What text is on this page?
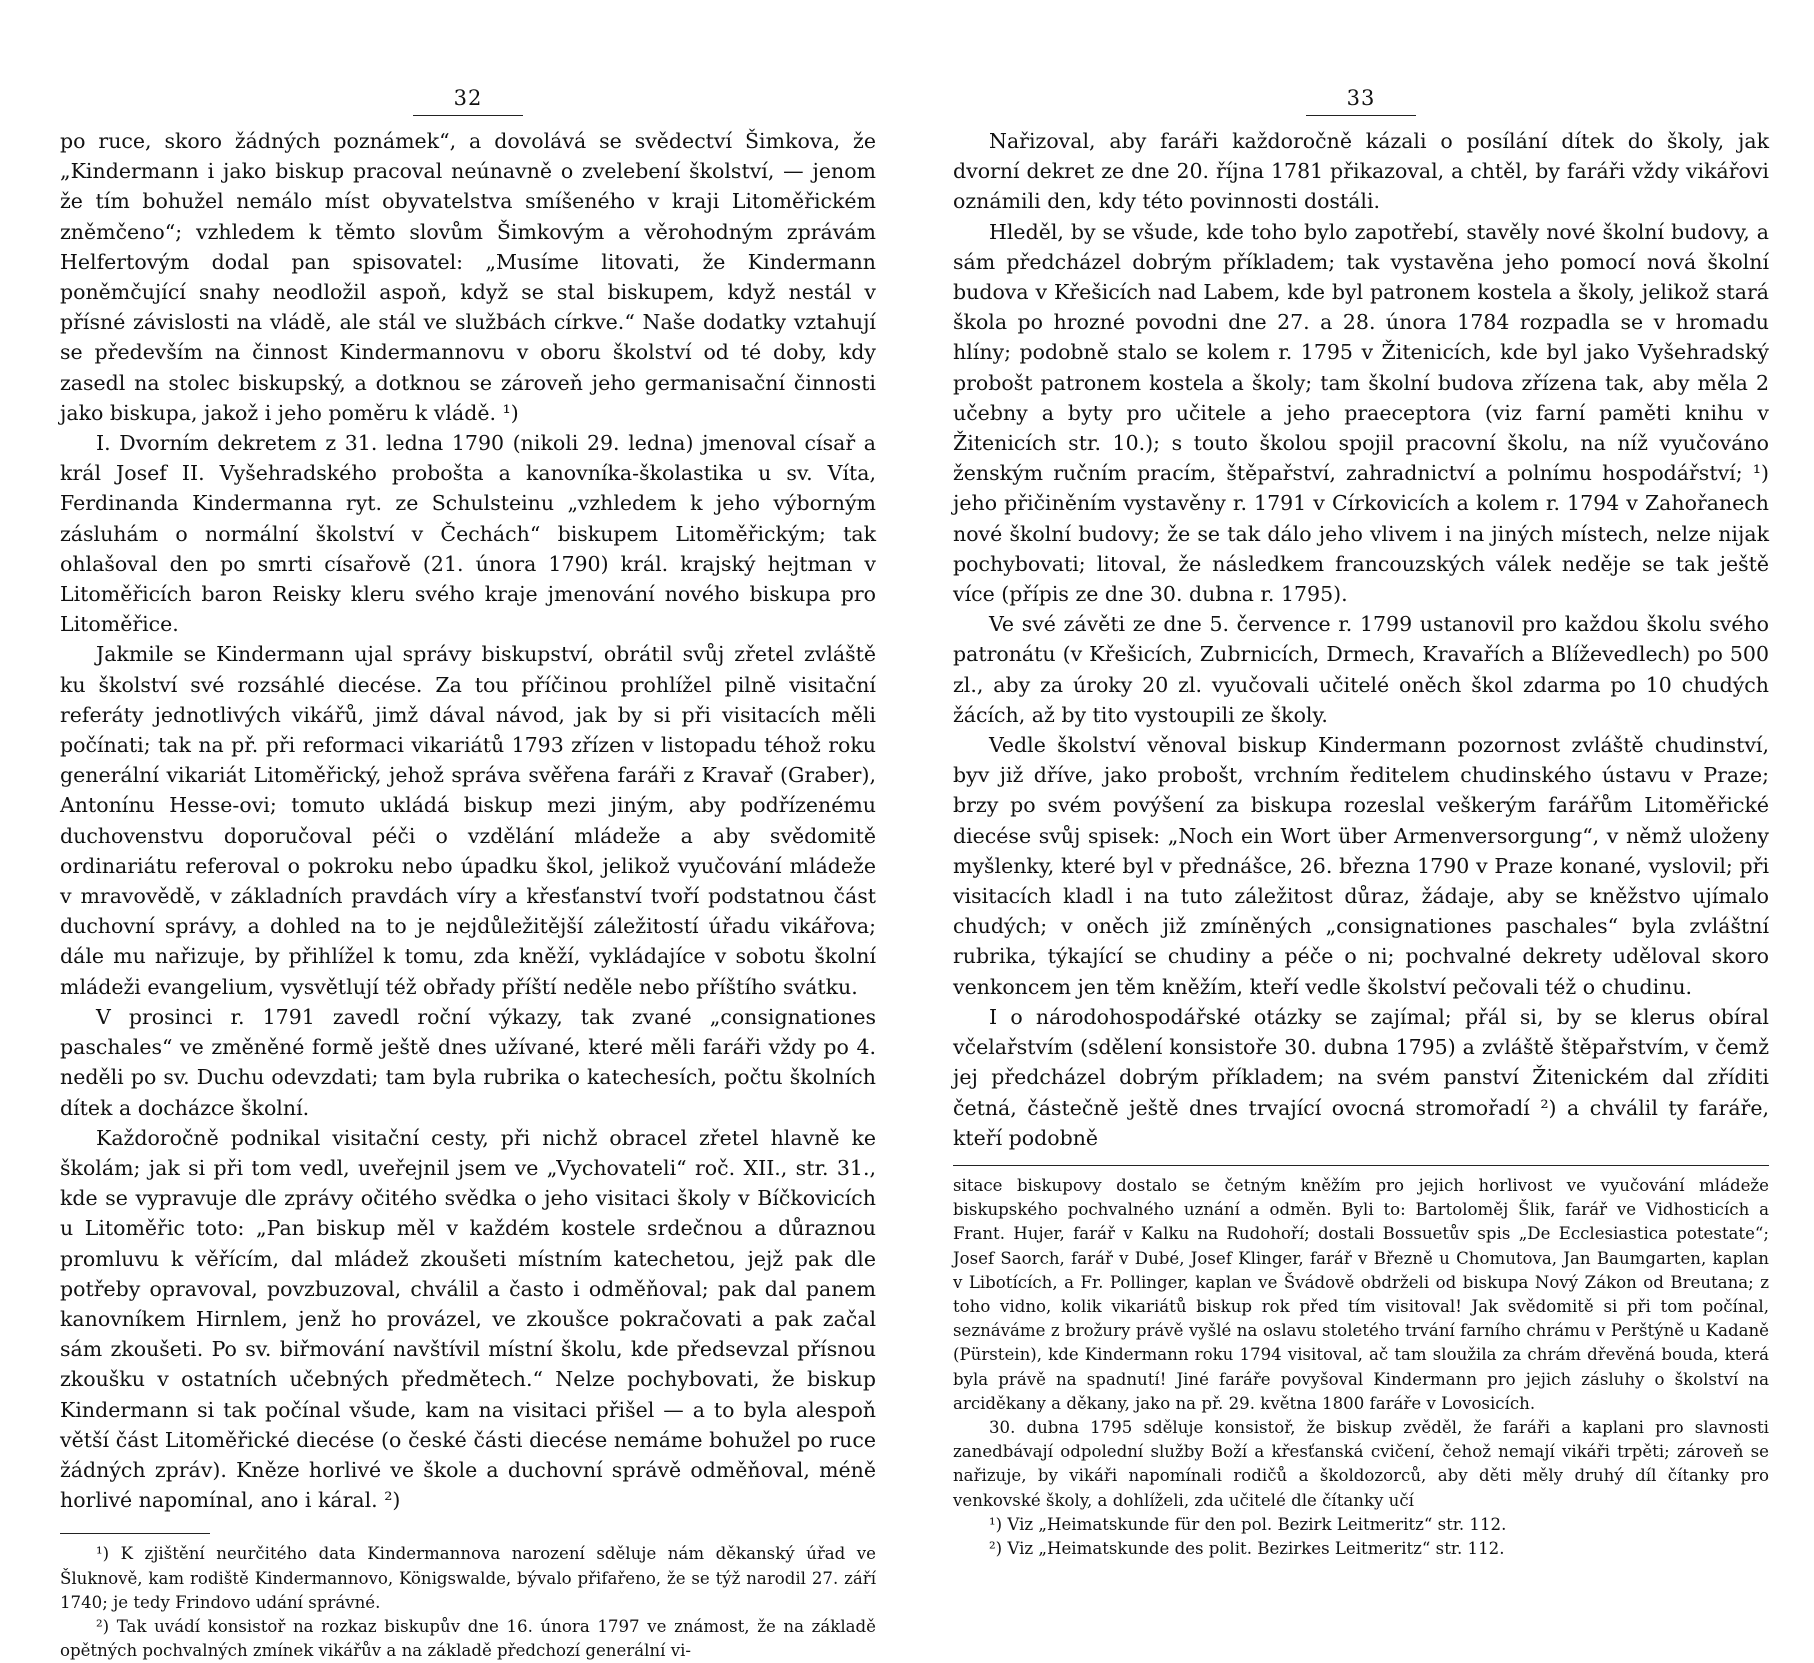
32

po ruce, skoro žádných poznámek“, a dovolává se svědectví Šimkova, že „Kindermann i jako biskup pracoval neúnavně o zvelebení školství, — jenom že tím bohužel nemálo míst obyvatelstva smíšeného v kraji Litoměřickém zněmčeno“; vzhledem k těmto slovům Šimkovým a věrohodným zprávám Helfertovým dodal pan spisovatel: „Musíme litovati, že Kindermann poněmčující snahy neodložil aspoň, když se stal biskupem, když nestál v přísné závislosti na vládě, ale stál ve službách církve.“ Naše dodatky vztahují se především na činnost Kindermannovu v oboru školství od té doby, kdy zasedl na stolec biskupský, a dotknou se zároveň jeho germanisační činnosti jako biskupa, jakož i jeho poměru k vládě. ¹)

I. Dvorním dekretem z 31. ledna 1790 (nikoli 29. ledna) jmenoval císař a král Josef II. Vyšehradského probošta a kanovníka-školastika u sv. Víta, Ferdinanda Kindermanna ryt. ze Schulsteinu „vzhledem k jeho výborným zásluhám o normální školství v Čechách“ biskupem Litoměřickým; tak ohlašoval den po smrti císařově (21. února 1790) král. krajský hejtman v Litoměřicích baron Reisky kleru svého kraje jmenování nového biskupa pro Litoměřice.

Jakmile se Kindermann ujal správy biskupství, obrátil svůj zřetel zvláště ku školství své rozsáhlé diecése. Za tou příčinou prohlížel pilně visitační referáty jednotlivých vikářů, jimž dával návod, jak by si při visitacích měli počínati; tak na př. při reformaci vikariátů 1793 zřízen v listopadu téhož roku generální vikariát Litoměřický, jehož správa svěřena faráři z Kravař (Graber), Antonínu Hesse-ovi; tomuto ukládá biskup mezi jiným, aby podřízenému duchovenstvu doporučoval péči o vzdělání mládeže a aby svědomitě ordinariátu referoval o pokroku nebo úpadku škol, jelikož vyučování mládeže v mravovědě, v základních pravdách víry a křesťanství tvoří podstatnou část duchovní správy, a dohled na to je nejdůležitější záležitostí úřadu vikářova; dále mu nařizuje, by přihlížel k tomu, zda kněží, vykládajíce v sobotu školní mládeži evangelium, vysvětlují též obřady příští neděle nebo příštího svátku.

V prosinci r. 1791 zavedl roční výkazy, tak zvané „consignationes paschales“ ve změněné formě ještě dnes užívané, které měli faráři vždy po 4. neděli po sv. Duchu odevzdati; tam byla rubrika o katechesích, počtu školních dítek a docházce školní.

Každoročně podnikal visitační cesty, při nichž obracel zřetel hlavně ke školám; jak si při tom vedl, uveřejnil jsem ve „Vychovateli“ roč. XII., str. 31., kde se vypravuje dle zprávy očitého svědka o jeho visitaci školy v Bíčkovicích u Litoměřic toto: „Pan biskup měl v každém kostele srdečnou a důraznou promluvu k věřícím, dal mládež zkoušeti místním katechetou, jejž pak dle potřeby opravoval, povzbuzoval, chválil a často i odměňoval; pak dal panem kanovníkem Hirnlem, jenž ho provázel, ve zkoušce pokračovati a pak začal sám zkoušeti. Po sv. biřmování navštívil místní školu, kde předsevzal přísnou zkoušku v ostatních učebných předmětech.“ Nelze pochybovati, že biskup Kindermann si tak počínal všude, kam na visitaci přišel — a to byla alespoň větší část Litoměřické diecése (o české části diecése nemáme bohužel po ruce žádných zpráv). Kněze horlivé ve škole a duchovní správě odměňoval, méně horlivé napomínal, ano i káral. ²)

¹) K zjištění neurčitého data Kindermannova narození sděluje nám děkanský úřad ve Šluknově, kam rodiště Kindermannovo, Königswalde, bývalo přifařeno, že se týž narodil 27. září 1740; je tedy Frindovo udání správné.

²) Tak uvádí konsistoř na rozkaz biskupův dne 16. února 1797 ve známost, že na základě opětných pochvalných zmínek vikářův a na základě předchozí generální vi-

33

Nařizoval, aby faráři každoročně kázali o posílání dítek do školy, jak dvorní dekret ze dne 20. října 1781 přikazoval, a chtěl, by faráři vždy vikářovi oznámili den, kdy této povinnosti dostáli.

Hleděl, by se všude, kde toho bylo zapotřebí, stavěly nové školní budovy, a sám předcházel dobrým příkladem; tak vystavěna jeho pomocí nová školní budova v Křešicích nad Labem, kde byl patronem kostela a školy, jelikož stará škola po hrozné povodni dne 27. a 28. února 1784 rozpadla se v hromadu hlíny; podobně stalo se kolem r. 1795 v Žitenicích, kde byl jako Vyšehradský probošt patronem kostela a školy; tam školní budova zřízena tak, aby měla 2 učebny a byty pro učitele a jeho praeceptora (viz farní paměti knihu v Žitenicích str. 10.); s touto školou spojil pracovní školu, na níž vyučováno ženským ručním pracím, štěpařství, zahradnictví a polnímu hospodářství; ¹) jeho přičiněním vystavěny r. 1791 v Církovicích a kolem r. 1794 v Zahořanech nové školní budovy; že se tak dálo jeho vlivem i na jiných místech, nelze nijak pochybovati; litoval, že následkem francouzských válek neděje se tak ještě více (přípis ze dne 30. dubna r. 1795).

Ve své závěti ze dne 5. července r. 1799 ustanovil pro každou školu svého patronátu (v Křešicích, Zubrnicích, Drmech, Kravařích a Blíževedlech) po 500 zl., aby za úroky 20 zl. vyučovali učitelé oněch škol zdarma po 10 chudých žácích, až by tito vystoupili ze školy.

Vedle školství věnoval biskup Kindermann pozornost zvláště chudinství, byv již dříve, jako probošt, vrchním ředitelem chudinského ústavu v Praze; brzy po svém povýšení za biskupa rozeslal veškerým farářům Litoměřické diecése svůj spisek: „Noch ein Wort über Armenversorgung“, v němž uloženy myšlenky, které byl v přednášce, 26. března 1790 v Praze konané, vyslovil; při visitacích kladl i na tuto záležitost důraz, žádaje, aby se kněžstvo ujímalo chudých; v oněch již zmíněných „consignationes paschales“ byla zvláštní rubrika, týkající se chudiny a péče o ni; pochvalné dekrety uděloval skoro venkoncem jen těm kněžím, kteří vedle školství pečovali též o chudinu.

I o národohospodářské otázky se zajímal; přál si, by se klerus obíral včelařstvím (sdělení konsistoře 30. dubna 1795) a zvláště štěpařstvím, v čemž jej předcházel dobrým příkladem; na svém panství Žitenickém dal zříditi četná, částečně ještě dnes trvající ovocná stromořadí ²) a chválil ty faráře, kteří podobně

sitace biskupovy dostalo se četným kněžím pro jejich horlivost ve vyučování mládeže biskupského pochvalného uznání a odměn. Byli to: Bartoloměj Šlik, farář ve Vidhosticích a Frant. Hujer, farář v Kalku na Rudohoří; dostali Bossuetův spis „De Ecclesiastica potestate“; Josef Saorch, farář v Dubé, Josef Klinger, farář v Březně u Chomutova, Jan Baumgarten, kaplan v Libotících, a Fr. Pollinger, kaplan ve Švádově obdrželi od biskupa Nový Zákon od Breutana; z toho vidno, kolik vikariátů biskup rok před tím visitoval! Jak svědomitě si při tom počínal, seznáváme z brožury právě vyšlé na oslavu stoletého trvání farního chrámu v Perštýně u Kadaně (Pürstein), kde Kindermann roku 1794 visitoval, ač tam sloužila za chrám dřevěná bouda, která byla právě na spadnutí! Jiné faráře povyšoval Kindermann pro jejich zásluhy o školství na arciděkany a děkany, jako na př. 29. května 1800 faráře v Lovosicích.

30. dubna 1795 sděluje konsistoř, že biskup zvěděl, že faráři a kaplani pro slavnosti zanedbávají odpolední služby Boží a křesťanská cvičení, čehož nemají vikáři trpěti; zároveň se nařizuje, by vikáři napomínali rodičů a školdozorců, aby děti měly druhý díl čítanky pro venkovské školy, a dohlíželi, zda učitelé dle čítanky učí

¹) Viz „Heimatskunde für den pol. Bezirk Leitmeritz“ str. 112.

²) Viz „Heimatskunde des polit. Bezirkes Leitmeritz“ str. 112.
